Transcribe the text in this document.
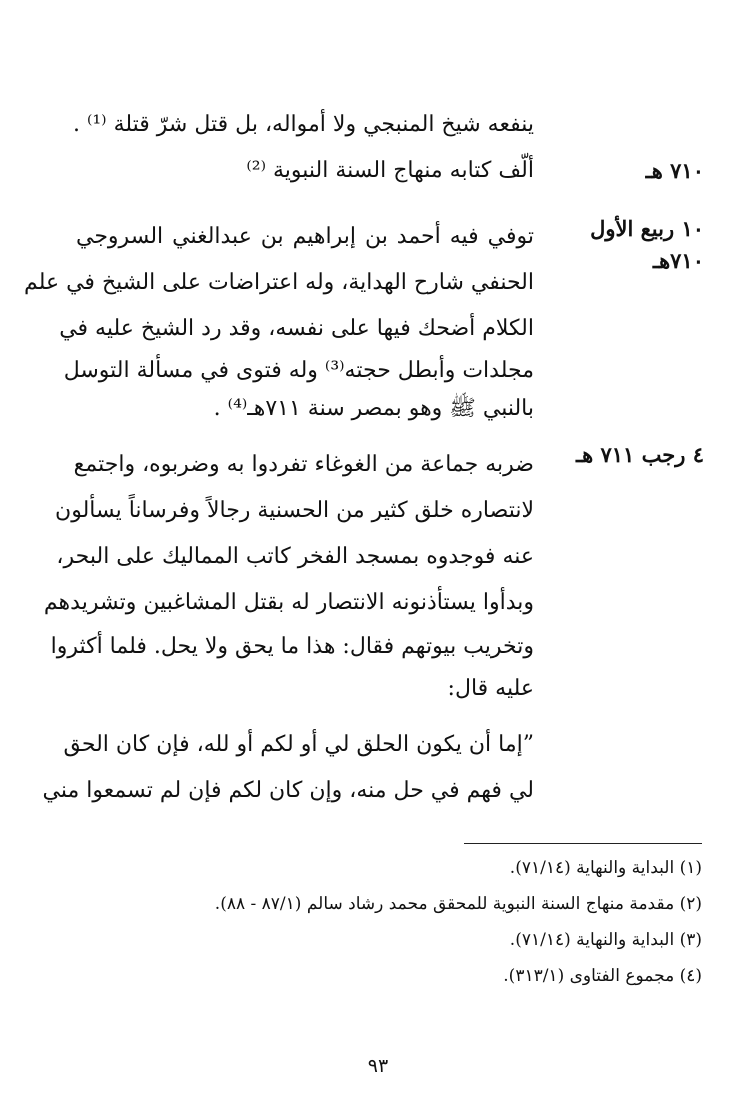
ينفعه شيخ المنبجي ولا أمواله، بل قتل شرّ قتلة ⁽¹⁾ .
٧١٠ هـ
ألّف كتابه منهاج السنة النبوية ⁽²⁾
١٠ ربيع الأول
٧١٠هـ
توفي فيه أحمد بن إبراهيم بن عبدالغني السروجي
الحنفي شارح الهداية، وله اعتراضات على الشيخ في علم
الكلام أضحك فيها على نفسه، وقد رد الشيخ عليه في
مجلدات وأبطل حجته⁽³⁾ وله فتوى في مسألة التوسل
بالنبي ﷺ وهو بمصر سنة ٧١١هـ⁽⁴⁾ .
٤ رجب ٧١١ هـ
ضربه جماعة من الغوغاء تفردوا به وضربوه، واجتمع
لانتصاره خلق كثير من الحسنية رجالاً وفرساناً يسألون
عنه فوجدوه بمسجد الفخر كاتب المماليك على البحر،
وبدأوا يستأذنونه الانتصار له بقتل المشاغبين وتشريدهم
وتخريب بيوتهم فقال: هذا ما يحق ولا يحل. فلما أكثروا
عليه قال:
”إما أن يكون الحلق لي أو لكم أو لله، فإن كان الحق
لي فهم في حل منه، وإن كان لكم فإن لم تسمعوا مني
(١) البداية والنهاية (٧١/١٤).
(٢) مقدمة منهاج السنة النبوية للمحقق محمد رشاد سالم (٨٧/١ - ٨٨).
(٣) البداية والنهاية (٧١/١٤).
(٤) مجموع الفتاوى (٣١٣/١).
٩٣
